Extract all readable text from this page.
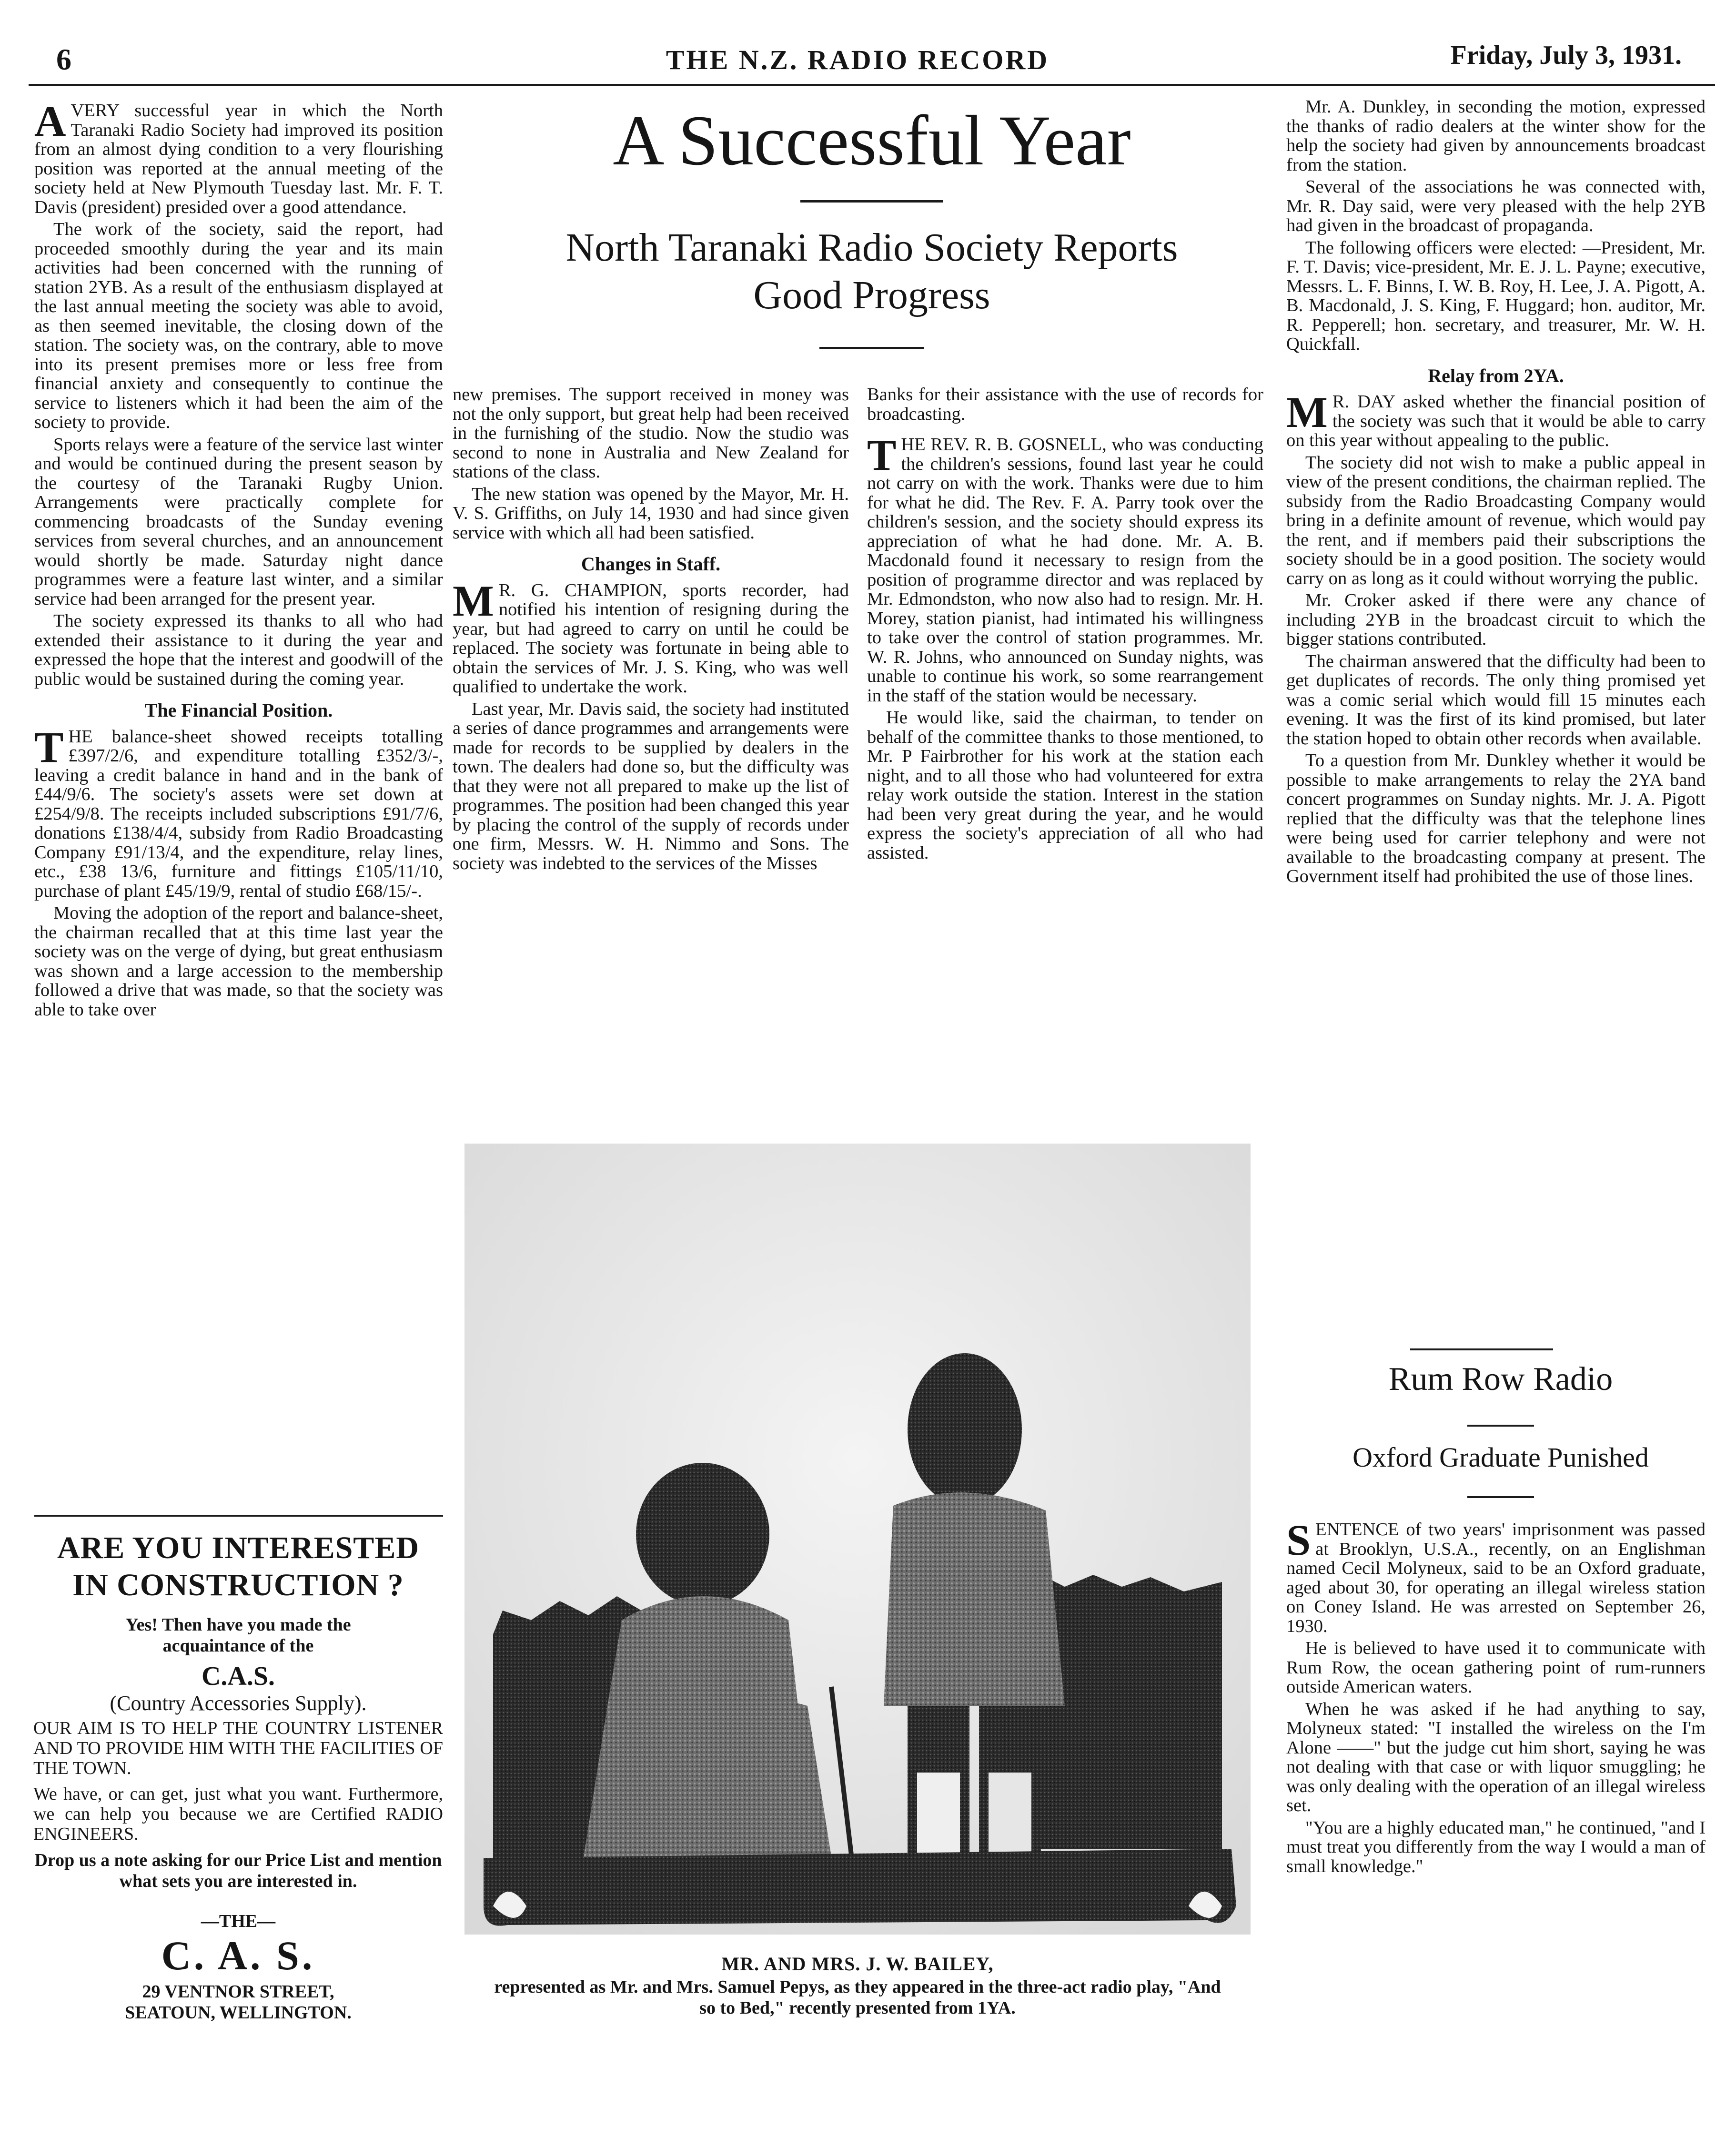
6	THE N.Z. RADIO RECORD	Friday, July 3, 1931.
A Successful Year
North Taranaki Radio Society Reports
Good Progress

AVERY successful year in which the North Taranaki Radio Society had improved its position from an almost dying condition to a very flourishing position was reported at the annual meeting of the society held at New Plymouth Tuesday last. Mr. F. T. Davis (president) presided over a good attendance.

The work of the society, said the report, had proceeded smoothly during the year and its main activities had been concerned with the running of station 2YB. As a result of the enthusiasm displayed at the last annual meeting the society was able to avoid, as then seemed inevitable, the closing down of the station. The society was, on the contrary, able to move into its present premises more or less free from financial anxiety and consequently to continue the service to listeners which it had been the aim of the society to provide.

Sports relays were a feature of the service last winter and would be continued during the present season by the courtesy of the Taranaki Rugby Union. Arrangements were practically complete for commencing broadcasts of the Sunday evening services from several churches, and an announcement would shortly be made. Saturday night dance programmes were a feature last winter, and a similar service had been arranged for the present year.

The society expressed its thanks to all who had extended their assistance to it during the year and expressed the hope that the interest and goodwill of the public would be sustained during the coming year.

The Financial Position.

THE balance-sheet showed receipts totalling £397/2/6, and expenditure totalling £352/3/-, leaving a credit balance in hand and in the bank of £44/9/6. The society's assets were set down at £254/9/8. The receipts included subscriptions £91/7/6, donations £138/4/4, subsidy from Radio Broadcasting Company £91/13/4, and the expenditure, relay lines, etc., £38 13/6, furniture and fittings £105/11/10, purchase of plant £45/19/9, rental of studio £68/15/-.

Moving the adoption of the report and balance-sheet, the chairman recalled that at this time last year the society was on the verge of dying, but great enthusiasm was shown and a large accession to the membership followed a drive that was made, so that the society was able to take over

ARE YOU INTERESTED
IN CONSTRUCTION ?
Yes! Then have you made the
acquaintance of the
C.A.S.
(Country Accessories Supply).
OUR AIM IS TO HELP THE COUNTRY LISTENER AND TO PROVIDE HIM WITH THE FACILITIES OF THE TOWN.
We have, or can get, just what you want. Furthermore, we can help you because we are Certified RADIO ENGINEERS.
Drop us a note asking for our Price List and mention what sets you are interested in.
—THE—
C. A. S.
29 VENTNOR STREET,
SEATOUN, WELLINGTON.

new premises. The support received in money was not the only support, but great help had been received in the furnishing of the studio. Now the studio was second to none in Australia and New Zealand for stations of the class.

The new station was opened by the Mayor, Mr. H. V. S. Griffiths, on July 14, 1930 and had since given service with which all had been satisfied.

Changes in Staff.

M R. G. CHAMPION, sports recorder, had notified his intention of resigning during the year, but had agreed to carry on until he could be replaced. The society was fortunate in being able to obtain the services of Mr. J. S. King, who was well qualified to undertake the work.

Last year, Mr. Davis said, the society had instituted a series of dance programmes and arrangements were made for records to be supplied by dealers in the town. The dealers had done so, but the difficulty was that they were not all prepared to make up the list of programmes. The position had been changed this year by placing the control of the supply of records under one firm, Messrs. W. H. Nimmo and Sons. The society was indebted to the services of the Misses

Banks for their assistance with the use of records for broadcasting.

THE REV. R. B. GOSNELL, who was conducting the children's sessions, found last year he could not carry on with the work. Thanks were due to him for what he did. The Rev. F. A. Parry took over the children's session, and the society should express its appreciation of what he had done. Mr. A. B. Macdonald found it necessary to resign from the position of programme director and was replaced by Mr. Edmondston, who now also had to resign. Mr. H. Morey, station pianist, had intimated his willingness to take over the control of station programmes. Mr. W. R. Johns, who announced on Sunday nights, was unable to continue his work, so some rearrangement in the staff of the station would be necessary.

He would like, said the chairman, to tender on behalf of the committee thanks to those mentioned, to Mr. P Fairbrother for his work at the station each night, and to all those who had volunteered for extra relay work outside the station. Interest in the station had been very great during the year, and he would express the society's appreciation of all who had assisted.

MR. AND MRS. J. W. BAILEY,
represented as Mr. and Mrs. Samuel Pepys, as they appeared in the three-act radio play, "And so to Bed," recently presented from 1YA.

Mr. A. Dunkley, in seconding the motion, expressed the thanks of radio dealers at the winter show for the help the society had given by announcements broadcast from the station.

Several of the associations he was connected with, Mr. R. Day said, were very pleased with the help 2YB had given in the broadcast of propaganda.

The following officers were elected: —President, Mr. F. T. Davis; vice-president, Mr. E. J. L. Payne; executive, Messrs. L. F. Binns, I. W. B. Roy, H. Lee, J. A. Pigott, A. B. Macdonald, J. S. King, F. Huggard; hon. auditor, Mr. R. Pepperell; hon. secretary, and treasurer, Mr. W. H. Quickfall.

Relay from 2YA.

M R. DAY asked whether the financial position of the society was such that it would be able to carry on this year without appealing to the public.

The society did not wish to make a public appeal in view of the present conditions, the chairman replied. The subsidy from the Radio Broadcasting Company would bring in a definite amount of revenue, which would pay the rent, and if members paid their subscriptions the society should be in a good position. The society would carry on as long as it could without worrying the public.

Mr. Croker asked if there were any chance of including 2YB in the broadcast circuit to which the bigger stations contributed.

The chairman answered that the difficulty had been to get duplicates of records. The only thing promised yet was a comic serial which would fill 15 minutes each evening. It was the first of its kind promised, but later the station hoped to obtain other records when available.

To a question from Mr. Dunkley whether it would be possible to make arrangements to relay the 2YA band concert programmes on Sunday nights. Mr. J. A. Pigott replied that the difficulty was that the telephone lines were being used for carrier telephony and were not available to the broadcasting company at present. The Government itself had prohibited the use of those lines.

Rum Row Radio
Oxford Graduate Punished

SENTENCE of two years' imprisonment was passed at Brooklyn, U.S.A., recently, on an Englishman named Cecil Molyneux, said to be an Oxford graduate, aged about 30, for operating an illegal wireless station on Coney Island. He was arrested on September 26, 1930.

He is believed to have used it to communicate with Rum Row, the ocean gathering point of rum-runners outside American waters.

When he was asked if he had anything to say, Molyneux stated: "I installed the wireless on the I'm Alone ——" but the judge cut him short, saying he was not dealing with that case or with liquor smuggling; he was only dealing with the operation of an illegal wireless set.

"You are a highly educated man," he continued, "and I must treat you differently from the way I would a man of small knowledge."
